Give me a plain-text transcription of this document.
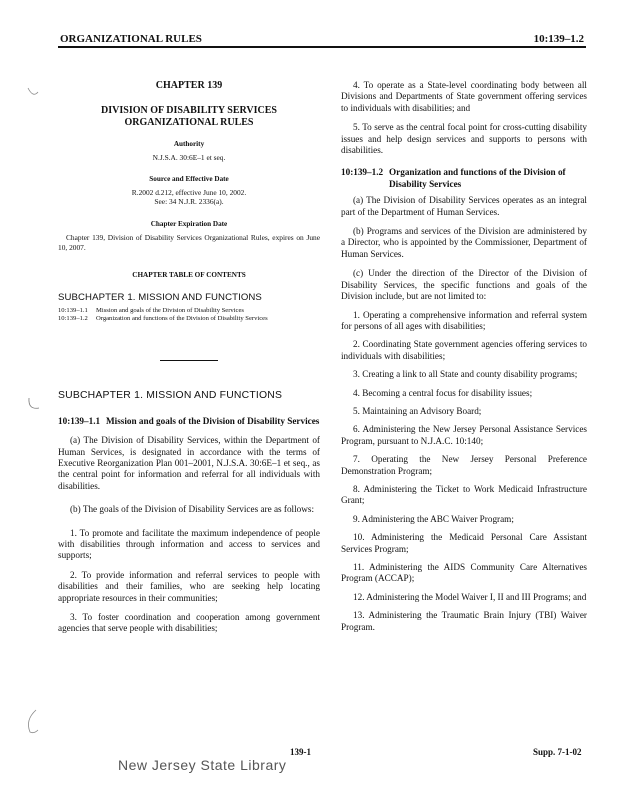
ORGANIZATIONAL RULES	10:139–1.2

CHAPTER 139

DIVISION OF DISABILITY SERVICES
ORGANIZATIONAL RULES

Authority

N.J.S.A. 30:6E–1 et seq.

Source and Effective Date

R.2002 d.212, effective June 10, 2002.

See: 34 N.J.R. 2336(a).

Chapter Expiration Date

Chapter 139, Division of Disability Services Organizational Rules, expires on June 10, 2007.

CHAPTER TABLE OF CONTENTS

SUBCHAPTER 1. MISSION AND FUNCTIONS

10:139–1.1	Mission and goals of the Division of Disability Services
10:139–1.2	Organization and functions of the Division of Disability Services

SUBCHAPTER 1. MISSION AND FUNCTIONS

10:139–1.1 Mission and goals of the Division of Disability Services

(a) The Division of Disability Services, within the Department of Human Services, is designated in accordance with the terms of Executive Reorganization Plan 001–2001, N.J.S.A. 30:6E–1 et seq., as the central point for information and referral for all individuals with disabilities.

(b) The goals of the Division of Disability Services are as follows:

1. To promote and facilitate the maximum independence of people with disabilities through information and access to services and supports;

2. To provide information and referral services to people with disabilities and their families, who are seeking help locating appropriate resources in their communities;

3. To foster coordination and cooperation among government agencies that serve people with disabilities;

4. To operate as a State-level coordinating body between all Divisions and Departments of State government offering services to individuals with disabilities; and

5. To serve as the central focal point for cross-cutting disability issues and help design services and supports to persons with disabilities.

10:139–1.2 Organization and functions of the Division of Disability Services

(a) The Division of Disability Services operates as an integral part of the Department of Human Services.

(b) Programs and services of the Division are administered by a Director, who is appointed by the Commissioner, Department of Human Services.

(c) Under the direction of the Director of the Division of Disability Services, the specific functions and goals of the Division include, but are not limited to:

1. Operating a comprehensive information and referral system for persons of all ages with disabilities;

2. Coordinating State government agencies offering services to individuals with disabilities;

3. Creating a link to all State and county disability programs;

4. Becoming a central focus for disability issues;

5. Maintaining an Advisory Board;

6. Administering the New Jersey Personal Assistance Services Program, pursuant to N.J.A.C. 10:140;

7. Operating the New Jersey Personal Preference Demonstration Program;

8. Administering the Ticket to Work Medicaid Infrastructure Grant;

9. Administering the ABC Waiver Program;

10. Administering the Medicaid Personal Care Assistant Services Program;

11. Administering the AIDS Community Care Alternatives Program (ACCAP);

12. Administering the Model Waiver I, II and III Programs; and

13. Administering the Traumatic Brain Injury (TBI) Waiver Program.

139-1	Supp. 7-1-02
New Jersey State Library
